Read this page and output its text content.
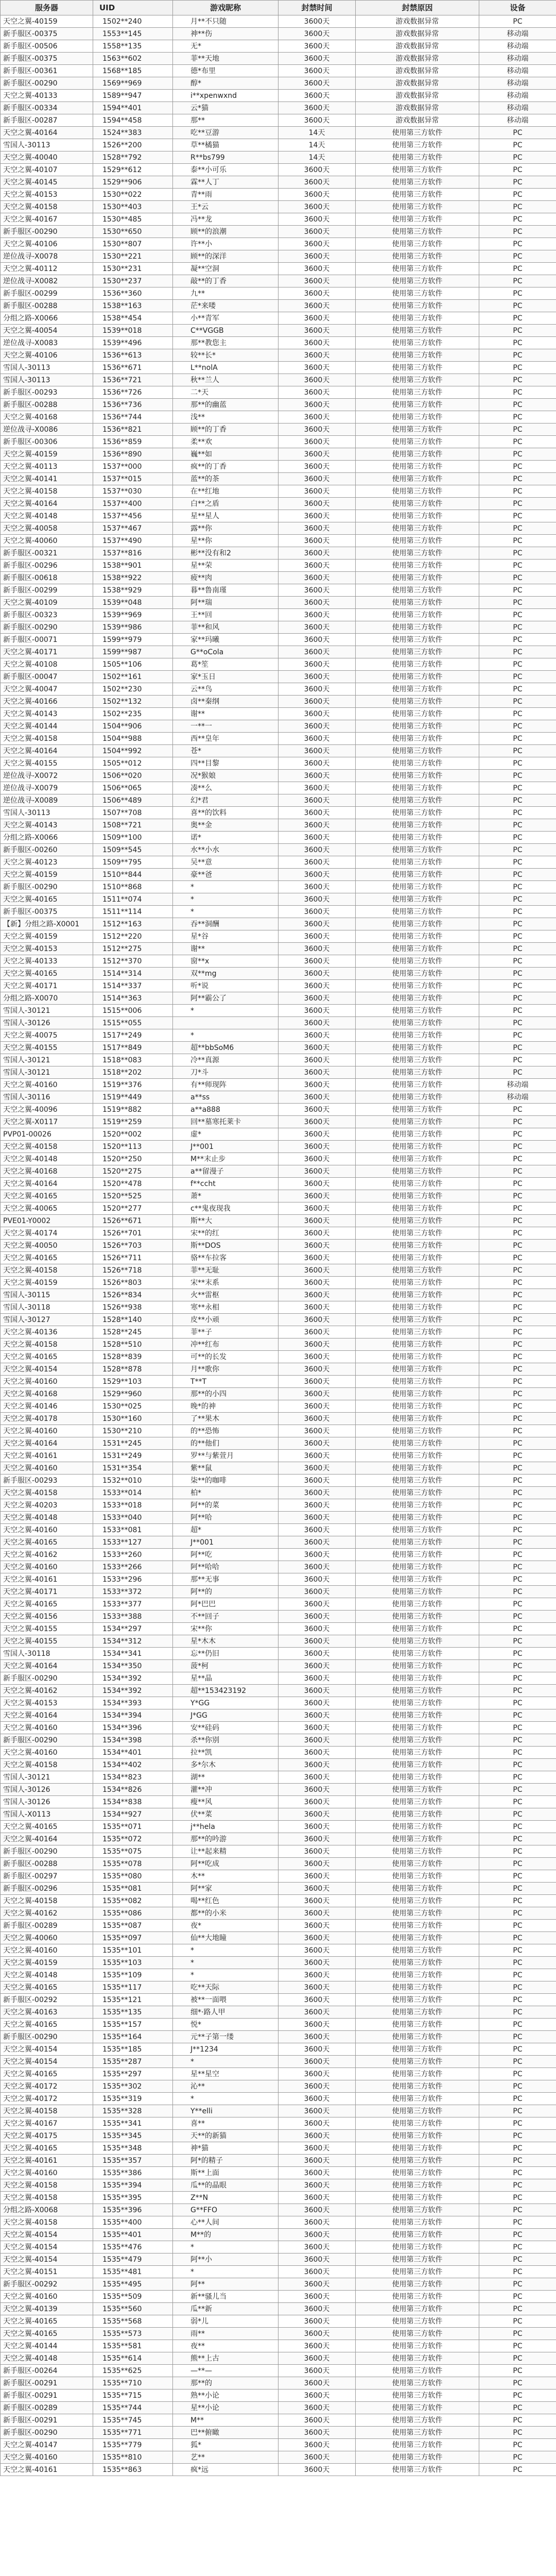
服务器	UID	游戏昵称	封禁时间	封禁原因	设备
天空之翼-40159	1502**240	月**不只随	3600天	游戏数据异常	PC
新手服区-00375	1553**145	神**伤	3600天	游戏数据异常	移动端
新手服区-00506	1558**135	无*	3600天	游戏数据异常	移动端
新手服区-00375	1563**602	菲**天地	3600天	游戏数据异常	移动端
新手服区-00361	1568**185	德*布里	3600天	游戏数据异常	移动端
新手服区-00290	1569**969	醇*	3600天	游戏数据异常	移动端
天空之翼-40133	1589**947	i**xpenwxnd	3600天	游戏数据异常	移动端
新手服区-00334	1594**401	云*猫	3600天	游戏数据异常	移动端
新手服区-00287	1594**458	那**	3600天	游戏数据异常	移动端
天空之翼-40164	1524**383	吃**豆游	14天	使用第三方软件	PC
雪国人-30113	1526**200	草**橘猫	14天	使用第三方软件	PC
天空之翼-40040	1528**792	R**bs799	14天	使用第三方软件	PC
天空之翼-40107	1529**612	泰**小可乐	3600天	使用第三方软件	PC
天空之翼-40145	1529**906	霖**人丁	3600天	使用第三方软件	PC
天空之翼-40153	1530**022	青**雨	3600天	使用第三方软件	PC
天空之翼-40158	1530**403	王*云	3600天	使用第三方软件	PC
天空之翼-40167	1530**485	冯**龙	3600天	使用第三方软件	PC
新手服区-00290	1530**650	顾**的浪潮	3600天	使用第三方软件	PC
天空之翼-40106	1530**807	许**小	3600天	使用第三方软件	PC
逆位战寻-X0078	1530**221	顾**的深洋	3600天	使用第三方软件	PC
天空之翼-40112	1530**231	凝**空洞	3600天	使用第三方软件	PC
逆位战寻-X0082	1530**237	敲**的丁香	3600天	使用第三方软件	PC
新手服区-00299	1536**360	九**	3600天	使用第三方软件	PC
新手服区-00288	1538**163	茫*来喽	3600天	使用第三方软件	PC
分组之路-X0066	1538**454	小**青军	3600天	使用第三方软件	PC
天空之翼-40054	1539**018	C**VGGB	3600天	使用第三方软件	PC
逆位战寻-X0083	1539**496	那**教您主	3600天	使用第三方软件	PC
天空之翼-40106	1536**613	较**长*	3600天	使用第三方软件	PC
雪国人-30113	1536**671	L**nolA	3600天	使用第三方软件	PC
雪国人-30113	1536**721	秋**兰人	3600天	使用第三方软件	PC
新手服区-00293	1536**726	二*天	3600天	使用第三方软件	PC
新手服区-00288	1536**736	那**的幽蓝	3600天	使用第三方软件	PC
天空之翼-40168	1536**744	浅**	3600天	使用第三方软件	PC
逆位战寻-X0086	1536**821	顾**的丁香	3600天	使用第三方软件	PC
新手服区-00306	1536**859	柔**欢	3600天	使用第三方软件	PC
天空之翼-40159	1536**890	巍**如	3600天	使用第三方软件	PC
天空之翼-40113	1537**000	疯**的丁香	3600天	使用第三方软件	PC
天空之翼-40141	1537**015	蓝**的茶	3600天	使用第三方软件	PC
天空之翼-40158	1537**030	在**红地	3600天	使用第三方软件	PC
天空之翼-40164	1537**400	白**之盾	3600天	使用第三方软件	PC
天空之翼-40148	1537**456	星**星人	3600天	使用第三方软件	PC
天空之翼-40058	1537**467	露**你	3600天	使用第三方软件	PC
天空之翼-40060	1537**490	星**你	3600天	使用第三方软件	PC
新手服区-00321	1537**816	彬**没有和2	3600天	使用第三方软件	PC
新手服区-00296	1538**901	星**荣	3600天	使用第三方软件	PC
新手服区-00618	1538**922	疲**肉	3600天	使用第三方软件	PC
新手服区-00299	1538**929	暮**鲁南瑾	3600天	使用第三方软件	PC
天空之翼-40109	1539**048	阿**瑞	3600天	使用第三方软件	PC
新手服区-00323	1539**969	王**回	3600天	使用第三方软件	PC
新手服区-00290	1539**986	菲**和风	3600天	使用第三方软件	PC
新手服区-00071	1599**979	家**玛曦	3600天	使用第三方软件	PC
天空之翼-40171	1599**987	G**oCola	3600天	使用第三方软件	PC
天空之翼-40108	1505**106	葛*笙	3600天	使用第三方软件	PC
新手服区-00047	1502**161	家*玉日	3600天	使用第三方软件	PC
天空之翼-40047	1502**230	云**鸟	3600天	使用第三方软件	PC
天空之翼-40166	1502**132	卤**秦纲	3600天	使用第三方软件	PC
天空之翼-40143	1502**235	谢**	3600天	使用第三方软件	PC
天空之翼-40144	1504**906	一**一	3600天	使用第三方软件	PC
天空之翼-40158	1504**988	西**皇年	3600天	使用第三方软件	PC
天空之翼-40164	1504**992	苍*	3600天	使用第三方软件	PC
天空之翼-40155	1505**012	四**目黎	3600天	使用第三方软件	PC
逆位战寻-X0072	1506**020	况*猴娘	3600天	使用第三方软件	PC
逆位战寻-X0079	1506**065	凑**么	3600天	使用第三方软件	PC
逆位战寻-X0089	1506**489	幻*君	3600天	使用第三方软件	PC
雪国人-30113	1507**708	喜**的饮料	3600天	使用第三方软件	PC
天空之翼-40143	1508**721	奥**金	3600天	使用第三方软件	PC
分组之路-X0066	1509**100	诺*	3600天	使用第三方软件	PC
新手服区-00260	1509**545	水**小水	3600天	使用第三方软件	PC
天空之翼-40123	1509**795	吴**意	3600天	使用第三方软件	PC
天空之翼-40159	1510**844	豪**爸	3600天	使用第三方软件	PC
新手服区-00290	1510**868	*	3600天	使用第三方软件	PC
天空之翼-40165	1511**074	*	3600天	使用第三方软件	PC
新手服区-00375	1511**114	*	3600天	使用第三方软件	PC
【新】分组之路-X0001	1512**163	吞**洞酬	3600天	使用第三方软件	PC
天空之翼-40159	1512**220	星*谷	3600天	使用第三方软件	PC
天空之翼-40153	1512**275	谢**	3600天	使用第三方软件	PC
天空之翼-40133	1512**370	窗**x	3600天	使用第三方软件	PC
天空之翼-40165	1514**314	双**mg	3600天	使用第三方软件	PC
天空之翼-40171	1514**337	听*说	3600天	使用第三方软件	PC
分组之路-X0070	1514**363	阿**霸公了	3600天	使用第三方软件	PC
雪国人-30121	1515**006	*	3600天	使用第三方软件	PC
雪国人-30126	1515**055		3600天	使用第三方软件	PC
天空之翼-40075	1517**249	*	3600天	使用第三方软件	PC
天空之翼-40155	1517**849	超**bbSoM6	3600天	使用第三方软件	PC
雪国人-30121	1518**083	冷**真源	3600天	使用第三方软件	PC
雪国人-30121	1518**202	刀*斗	3600天	使用第三方软件	PC
天空之翼-40160	1519**376	有**师现阵	3600天	使用第三方软件	移动端
雪国人-30116	1519**449	a**ss	3600天	使用第三方软件	移动端
天空之翼-40096	1519**882	a**a888	3600天	使用第三方软件	PC
天空之翼-X0117	1519**259	回**墓寒托莱卡	3600天	使用第三方软件	PC
PVP01-00026	1520**002	虚*	3600天	使用第三方软件	PC
天空之翼-40158	1520**113	J**001	3600天	使用第三方软件	PC
天空之翼-40148	1520**250	M**末止步	3600天	使用第三方软件	PC
天空之翼-40168	1520**275	a**留漫子	3600天	使用第三方软件	PC
天空之翼-40164	1520**478	f**ccht	3600天	使用第三方软件	PC
天空之翼-40165	1520**525	萧*	3600天	使用第三方软件	PC
天空之翼-40065	1520**277	c**鬼夜现我	3600天	使用第三方软件	PC
PVE01-Y0002	1526**671	斯**大	3600天	使用第三方软件	PC
天空之翼-40174	1526**701	宋**的红	3600天	使用第三方软件	PC
天空之翼-40050	1526**703	斯**DOS	3600天	使用第三方软件	PC
天空之翼-40165	1526**711	骆**车拉客	3600天	使用第三方软件	PC
天空之翼-40158	1526**718	菲**无耻	3600天	使用第三方软件	PC
天空之翼-40159	1526**803	宋**末系	3600天	使用第三方软件	PC
雪国人-30115	1526**834	火**雷枢	3600天	使用第三方软件	PC
雪国人-30118	1526**938	寒**永相	3600天	使用第三方软件	PC
雪国人-30127	1528**140	皮**小顽	3600天	使用第三方软件	PC
天空之翼-40136	1528**245	菲**子	3600天	使用第三方软件	PC
天空之翼-40158	1528**510	冲**红布	3600天	使用第三方软件	PC
天空之翼-40165	1528**839	可**的长发	3600天	使用第三方软件	PC
天空之翼-40154	1528**878	月**歌你	3600天	使用第三方软件	PC
天空之翼-40160	1529**103	T**T	3600天	使用第三方软件	PC
天空之翼-40168	1529**960	那**的小四	3600天	使用第三方软件	PC
天空之翼-40146	1530**025	晚*的神	3600天	使用第三方软件	PC
天空之翼-40178	1530**160	了**果木	3600天	使用第三方软件	PC
天空之翼-40160	1530**210	的**恐怖	3600天	使用第三方软件	PC
天空之翼-40164	1531**245	的**他们	3600天	使用第三方软件	PC
天空之翼-40161	1531**249	罗**与紫萱月	3600天	使用第三方软件	PC
天空之翼-40160	1531**354	紫**鼠	3600天	使用第三方软件	PC
新手服区-00293	1532**010	柒**的咖啡	3600天	使用第三方软件	PC
天空之翼-40158	1533**014	柏*	3600天	使用第三方软件	PC
天空之翼-40203	1533**018	阿**的菜	3600天	使用第三方软件	PC
天空之翼-40148	1533**040	阿**哈	3600天	使用第三方软件	PC
天空之翼-40160	1533**081	超*	3600天	使用第三方软件	PC
天空之翼-40165	1533**127	J**001	3600天	使用第三方软件	PC
天空之翼-40162	1533**260	阿**吃	3600天	使用第三方软件	PC
天空之翼-40160	1533**266	阿**哈哈	3600天	使用第三方软件	PC
天空之翼-40161	1533**296	那**无事	3600天	使用第三方软件	PC
天空之翼-40171	1533**372	阿**的	3600天	使用第三方软件	PC
天空之翼-40165	1533**377	阿*巴巴	3600天	使用第三方软件	PC
天空之翼-40156	1533**388	不**回子	3600天	使用第三方软件	PC
天空之翼-40155	1534**297	宋**你	3600天	使用第三方软件	PC
天空之翼-40155	1534**312	星*木木	3600天	使用第三方软件	PC
雪国人-30118	1534**341	忘**仍旧	3600天	使用第三方软件	PC
天空之翼-40164	1534**350	菠*柯	3600天	使用第三方软件	PC
新手服区-00290	1534**392	星**晶	3600天	使用第三方软件	PC
天空之翼-40162	1534**392	超**153423192	3600天	使用第三方软件	PC
天空之翼-40153	1534**393	Y*GG	3600天	使用第三方软件	PC
天空之翼-40164	1534**394	J*GG	3600天	使用第三方软件	PC
天空之翼-40160	1534**396	安**硅码	3600天	使用第三方软件	PC
新手服区-00290	1534**398	杀**你别	3600天	使用第三方软件	PC
天空之翼-40160	1534**401	拉**凯	3600天	使用第三方软件	PC
天空之翼-40158	1534**402	多*尔木	3600天	使用第三方软件	PC
雪国人-30121	1534**823	湖**	3600天	使用第三方软件	PC
雪国人-30126	1534**826	灌**冲	3600天	使用第三方软件	PC
雪国人-30126	1534**838	瘦**风	3600天	使用第三方软件	PC
雪国人-X0113	1534**927	伏**菜	3600天	使用第三方软件	PC
天空之翼-40165	1535**071	j**hela	3600天	使用第三方软件	PC
天空之翼-40164	1535**072	那**的吟游	3600天	使用第三方软件	PC
新手服区-00290	1535**075	让**起来精	3600天	使用第三方软件	PC
新手服区-00288	1535**078	阿**吃成	3600天	使用第三方软件	PC
新手服区-00297	1535**080	木**	3600天	使用第三方软件	PC
新手服区-00296	1535**081	阿**家	3600天	使用第三方软件	PC
天空之翼-40158	1535**082	喝**红色	3600天	使用第三方软件	PC
天空之翼-40162	1535**086	都**的小米	3600天	使用第三方软件	PC
新手服区-00289	1535**087	夜*	3600天	使用第三方软件	PC
天空之翼-40060	1535**097	仙**大地瞳	3600天	使用第三方软件	PC
天空之翼-40160	1535**101	*	3600天	使用第三方软件	PC
天空之翼-40159	1535**103	*	3600天	使用第三方软件	PC
天空之翼-40148	1535**109	*	3600天	使用第三方软件	PC
天空之翼-40165	1535**117	吃**天际	3600天	使用第三方软件	PC
新手服区-00292	1535**121	被**一面喂	3600天	使用第三方软件	PC
天空之翼-40163	1535**135	细*·路人甲	3600天	使用第三方软件	PC
天空之翼-40165	1535**157	悦*	3600天	使用第三方软件	PC
新手服区-00290	1535**164	元**子第一缕	3600天	使用第三方软件	PC
天空之翼-40154	1535**185	J**1234	3600天	使用第三方软件	PC
天空之翼-40154	1535**287	*	3600天	使用第三方软件	PC
天空之翼-40165	1535**297	星**星空	3600天	使用第三方软件	PC
天空之翼-40172	1535**302	沁**	3600天	使用第三方软件	PC
天空之翼-40172	1535**319	*	3600天	使用第三方软件	PC
天空之翼-40158	1535**328	Y**elli	3600天	使用第三方软件	PC
天空之翼-40167	1535**341	喜**	3600天	使用第三方软件	PC
天空之翼-40175	1535**345	天**的新猫	3600天	使用第三方软件	PC
天空之翼-40165	1535**348	神*猫	3600天	使用第三方软件	PC
天空之翼-40161	1535**357	阿*的精子	3600天	使用第三方软件	PC
天空之翼-40160	1535**386	斯**上面	3600天	使用第三方软件	PC
天空之翼-40158	1535**394	瓜**的晶眼	3600天	使用第三方软件	PC
天空之翼-40158	1535**395	Z**N	3600天	使用第三方软件	PC
分组之路-X0068	1535**396	G**FFO	3600天	使用第三方软件	PC
天空之翼-40158	1535**400	心**人间	3600天	使用第三方软件	PC
天空之翼-40154	1535**401	M**的	3600天	使用第三方软件	PC
天空之翼-40154	1535**476	*	3600天	使用第三方软件	PC
天空之翼-40154	1535**479	阿**小	3600天	使用第三方软件	PC
天空之翼-40151	1535**481	*	3600天	使用第三方软件	PC
新手服区-00292	1535**495	阿**	3600天	使用第三方软件	PC
天空之翼-40160	1535**509	新**骚儿当	3600天	使用第三方软件	PC
天空之翼-40139	1535**560	瓜**新	3600天	使用第三方软件	PC
天空之翼-40165	1535**568	弱*儿	3600天	使用第三方软件	PC
天空之翼-40165	1535**573	雨**	3600天	使用第三方软件	PC
天空之翼-40144	1535**581	夜**	3600天	使用第三方软件	PC
天空之翼-40148	1535**614	熊**上古	3600天	使用第三方软件	PC
新手服区-00264	1535**625	—**—	3600天	使用第三方软件	PC
新手服区-00291	1535**710	那**的	3600天	使用第三方软件	PC
新手服区-00291	1535**715	熟**小论	3600天	使用第三方软件	PC
新手服区-00289	1535**744	星**小论	3600天	使用第三方软件	PC
新手服区-00291	1535**745	M**	3600天	使用第三方软件	PC
新手服区-00290	1535**771	巴**俯瞰	3600天	使用第三方软件	PC
天空之翼-40147	1535**779	狐*	3600天	使用第三方软件	PC
天空之翼-40160	1535**810	艺**	3600天	使用第三方软件	PC
天空之翼-40161	1535**863	疯*远	3600天	使用第三方软件	PC
